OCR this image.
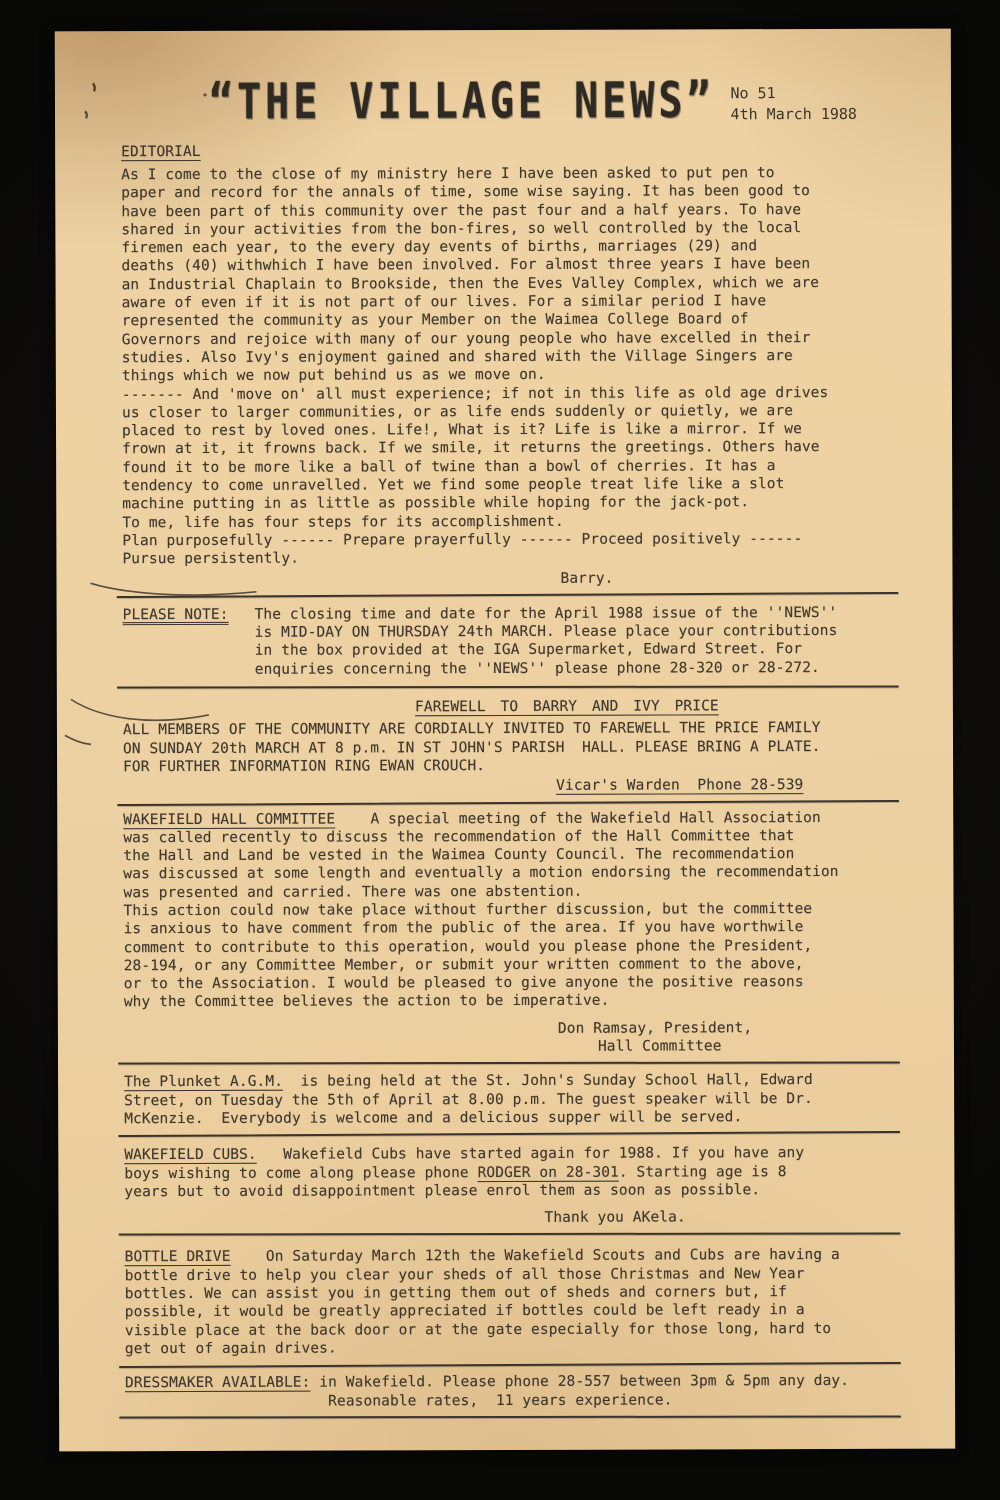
“THE VILLAGE NEWS” No 51
4th March 1988
EDITORIAL
As I come to the close of my ministry here I have been asked to put pen to
paper and record for the annals of time, some wise saying. It has been good to
have been part of this community over the past four and a half years. To have
shared in your activities from the bon-fires, so well controlled by the local
firemen each year, to the every day events of births, marriages (29) and
deaths (40) withwhich I have been involved. For almost three years I have been
an Industrial Chaplain to Brookside, then the Eves Valley Complex, which we are
aware of even if it is not part of our lives. For a similar period I have
represented the community as your Member on the Waimea College Board of
Governors and rejoice with many of our young people who have excelled in their
studies. Also Ivy's enjoyment gained and shared with the Village Singers are
things which we now put behind us as we move on.
------- And 'move on' all must experience; if not in this life as old age drives
us closer to larger communities, or as life ends suddenly or quietly, we are
placed to rest by loved ones. Life!, What is it? Life is like a mirror. If we
frown at it, it frowns back. If we smile, it returns the greetings. Others have
found it to be more like a ball of twine than a bowl of cherries. It has a
tendency to come unravelled. Yet we find some people treat life like a slot
machine putting in as little as possible while hoping for the jack-pot.
To me, life has four steps for its accomplishment.
Plan purposefully ------ Prepare prayerfully ------ Proceed positively ------
Pursue persistently.
Barry.
PLEASE NOTE: The closing time and date for the April 1988 issue of the ''NEWS''
is MID-DAY ON THURSDAY 24th MARCH. Please place your contributions
in the box provided at the IGA Supermarket, Edward Street. For
enquiries concerning the ''NEWS'' please phone 28-320 or 28-272.
FAREWELL TO BARRY AND IVY PRICE
ALL MEMBERS OF THE COMMUNITY ARE CORDIALLY INVITED TO FAREWELL THE PRICE FAMILY
ON SUNDAY 20th MARCH AT 8 p.m. IN ST JOHN'S PARISH  HALL. PLEASE BRING A PLATE.
FOR FURTHER INFORMATION RING EWAN CROUCH.
Vicar's Warden  Phone 28-539
WAKEFIELD HALL COMMITTEE    A special meeting of the Wakefield Hall Association
was called recently to discuss the recommendation of the Hall Committee that
the Hall and Land be vested in the Waimea County Council. The recommendation
was discussed at some length and eventually a motion endorsing the recommendation
was presented and carried. There was one abstention.
This action could now take place without further discussion, but the committee
is anxious to have comment from the public of the area. If you have worthwile
comment to contribute to this operation, would you please phone the President,
28-194, or any Committee Member, or submit your written comment to the above,
or to the Association. I would be pleased to give anyone the positive reasons
why the Committee believes the action to be imperative.
Don Ramsay, President,
Hall Committee
The Plunket A.G.M.  is being held at the St. John's Sunday School Hall, Edward
Street, on Tuesday the 5th of April at 8.00 p.m. The guest speaker will be Dr.
McKenzie.  Everybody is welcome and a delicious supper will be served.
WAKEFIELD CUBS.   Wakefield Cubs have started again for 1988. If you have any
boys wishing to come along please phone RODGER on 28-301. Starting age is 8
years but to avoid disappointment please enrol them as soon as possible.
Thank you AKela.
BOTTLE DRIVE    On Saturday March 12th the Wakefield Scouts and Cubs are having a
bottle drive to help you clear your sheds of all those Christmas and New Year
bottles. We can assist you in getting them out of sheds and corners but, if
possible, it would be greatly appreciated if bottles could be left ready in a
visible place at the back door or at the gate especially for those long, hard to
get out of again drives.
DRESSMAKER AVAILABLE: in Wakefield. Please phone 28-557 between 3pm & 5pm any day.
Reasonable rates,  11 years experience.
